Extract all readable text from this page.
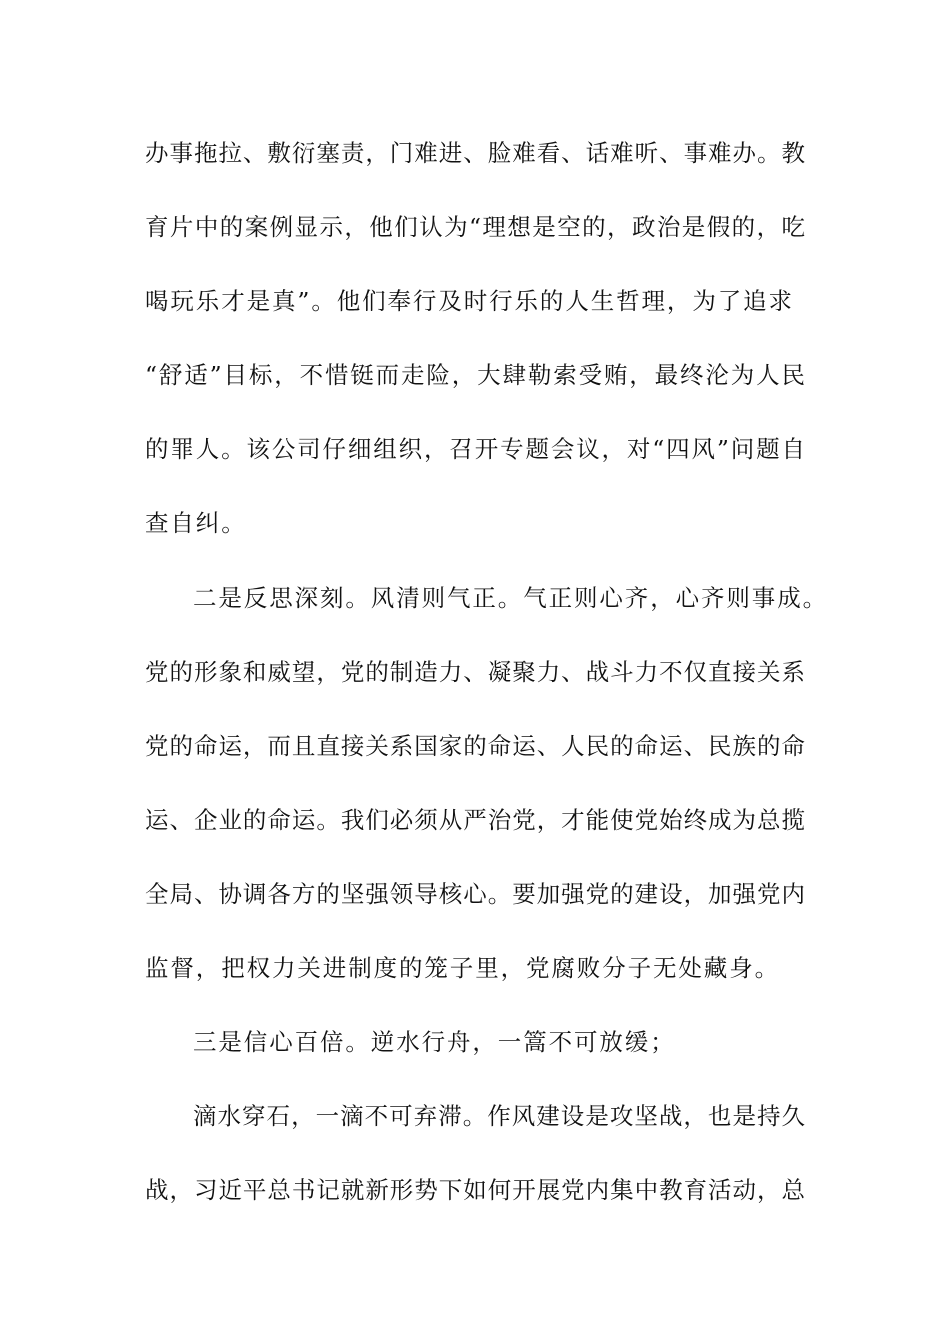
办事拖拉、敷衍塞责，门难进、脸难看、话难听、事难办。教
育片中的案例显示，他们认为“理想是空的，政治是假的，吃
喝玩乐才是真”。他们奉行及时行乐的人生哲理，为了追求
“舒适”目标，不惜铤而走险，大肆勒索受贿，最终沦为人民
的罪人。该公司仔细组织，召开专题会议，对“四风”问题自
查自纠。
二是反思深刻。风清则气正。气正则心齐，心齐则事成。
党的形象和威望，党的制造力、凝聚力、战斗力不仅直接关系
党的命运，而且直接关系国家的命运、人民的命运、民族的命
运、企业的命运。我们必须从严治党，才能使党始终成为总揽
全局、协调各方的坚强领导核心。要加强党的建设，加强党内
监督，把权力关进制度的笼子里，党腐败分子无处藏身。
三是信心百倍。逆水行舟，一篙不可放缓；
滴水穿石，一滴不可弃滞。作风建设是攻坚战，也是持久
战，习近平总书记就新形势下如何开展党内集中教育活动，总
